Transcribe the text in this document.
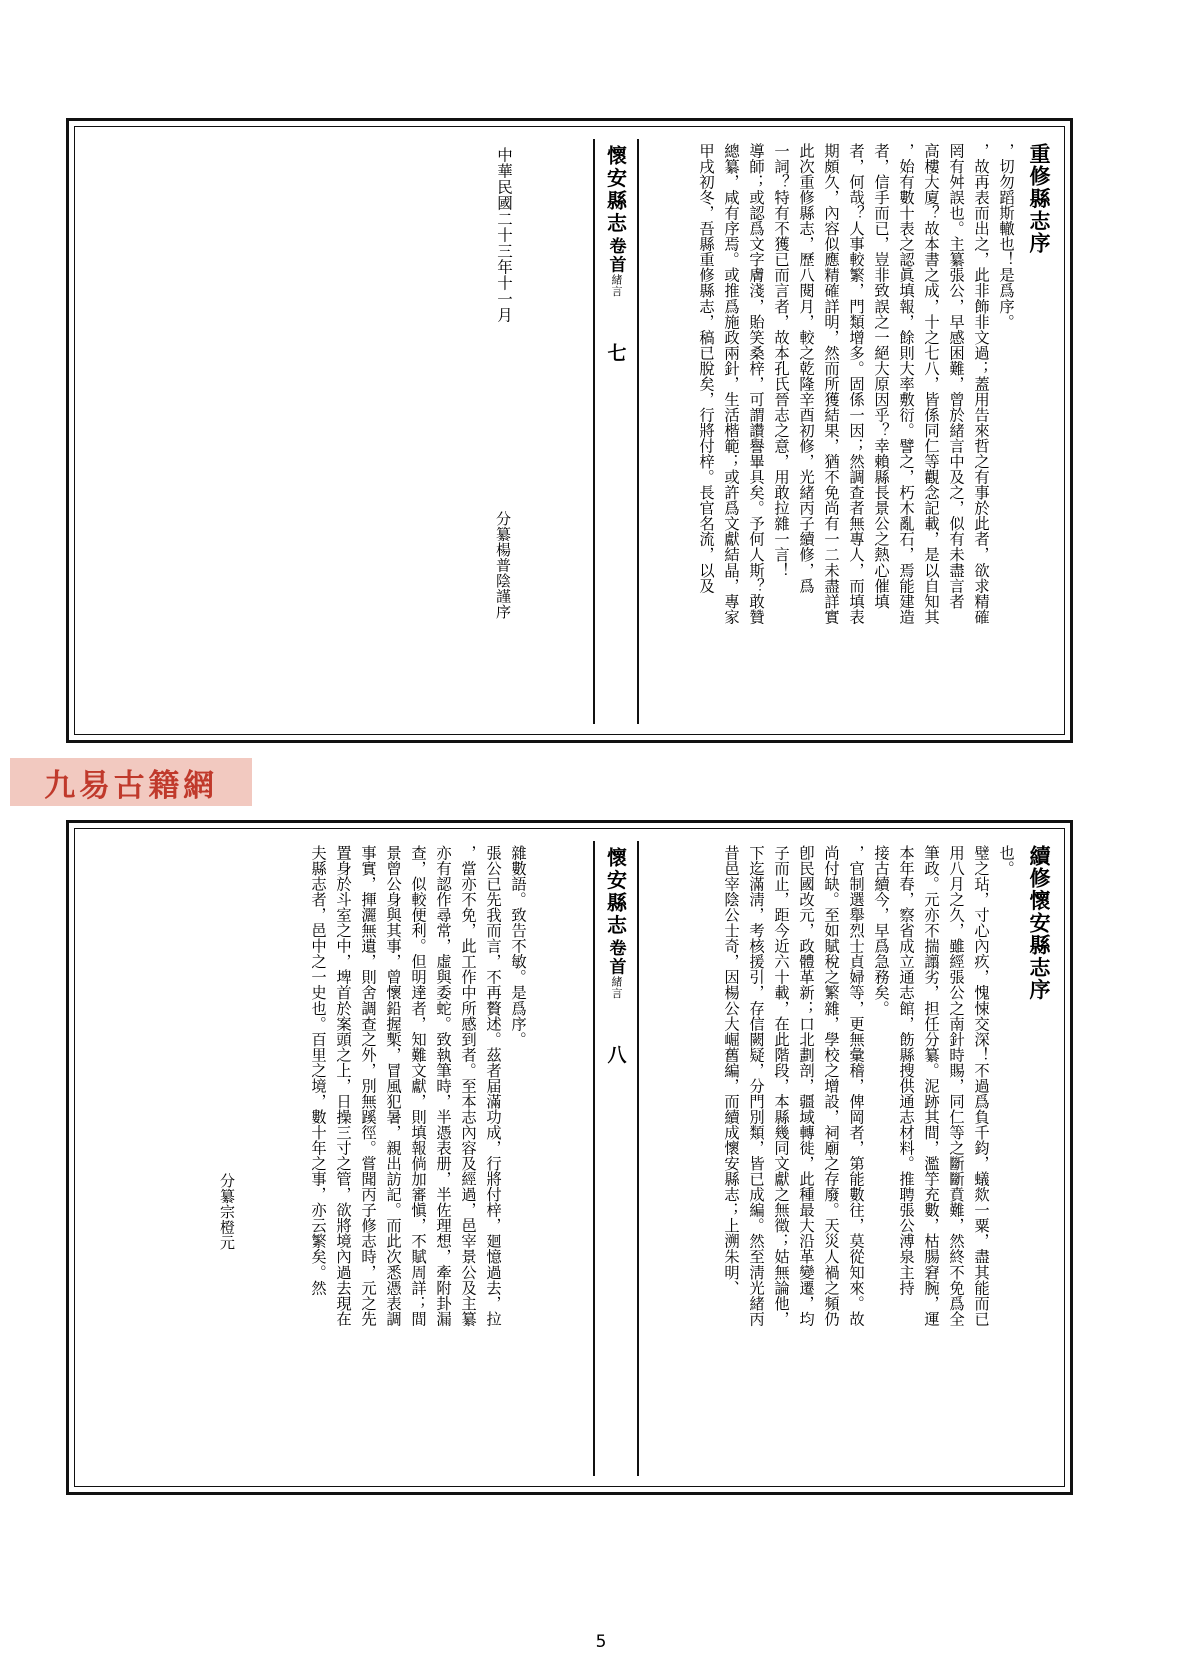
重修縣志序
甲戌初冬，吾縣重修縣志，稿已脫矣，行將付梓。長官名流，以及 總纂，咸有序焉。或推爲施政兩針，生活楷範；或許爲文獻結晶，專家 導師；或認爲文字膚淺，貽笑桑梓，可謂讚譽畢具矣。予何人斯？敢贊 一詞？特有不獲已而言者，故本孔氏晉志之意，用敢拉雜一言！ 此次重修縣志，歷八閱月，較之乾隆辛酉初修，光緒丙子續修，爲 期頗久，內容似應精確詳明，然而所獲結果，猶不免尚有一二未盡詳實 者，何哉？人事較繁，門類增多。固係一因；然調查者無專人，而填表 者，信手而已，豈非致誤之一絕大原因乎？幸賴縣長景公之熱心催填 ，始有數十表之認眞填報，餘則大率敷衍。譬之，朽木亂石，焉能建造 高樓大廈？故本書之成，十之七八，皆係同仁等觀念記載，是以自知其 罔有舛誤也。主纂張公，早感困難，曾於緒言中及之，似有未盡言者 ，故再表而出之，此非飾非文過；蓋用告來哲之有事於此者，欲求精確 ，切勿蹈斯轍也！是爲序。
懷安縣志
卷首
緒言
七
中華民國二十三年十一月
分纂楊普陰謹序
九易古籍網
續修懷安縣志序
昔邑宰陰公士奇，因楊公大崛舊編，而續成懷安縣志；上溯朱明、 下迄滿淸，考核援引，存信闕疑，分門別類，皆已成編。然至淸光緒丙 子而止，距今近六十載，在此階段，本縣幾同文獻之無徵；姑無論他， 卽民國改元，政體革新；口北劃剖，疆域轉徙，此種最大沿革變遷，均 尚付缺。至如賦稅之繁雜，學校之增設，祠廟之存廢。天災人禍之頻仍 ，官制選舉烈士貞婦等，更無彙稽，俾岡者，第能數往，莫從知來。故 接古續今，早爲急務矣。 本年春，察省成立通志館，飭縣搜供通志材料。推聘張公溥泉主持 筆政。元亦不揣譾劣，担任分纂。泥跡其間，濫竽充數，枯腸窘腕，運 用八月之久，雖經張公之南針時賜，同仁等之斷斷賁難，然終不免爲全 璧之玷，寸心內疚，愧悚交深！不過爲負千鈞，蟻欻一粟，盡其能而已 也。
懷安縣志
卷首
緒言
八
夫縣志者，邑中之一史也。百里之境，數十年之事，亦云繁矣。然 置身於斗室之中，埤首於案頭之上，日操三寸之管，欲將境內過去現在 事實，揮灑無遺，則舍調查之外，別無蹊徑。嘗聞丙子修志時，元之先 景曾公身與其事，曾懷鉛握槧，冒風犯暑，親出訪記。而此次悉憑表調 查，似較便利。但明達者，知難文獻，則填報倘加審愼，不賦周詳；間 亦有認作尋常，虛與委蛇。致執筆時，半憑表册，半佐理想，牽附卦漏 ，當亦不免，此工作中所感到者。至本志內容及經過，邑宰景公及主纂 張公已先我而言，不再贅述。茲者届滿功成，行將付梓，廻憶過去，拉 雜數語。致告不敏。是爲序。
分纂宗橙元
5
